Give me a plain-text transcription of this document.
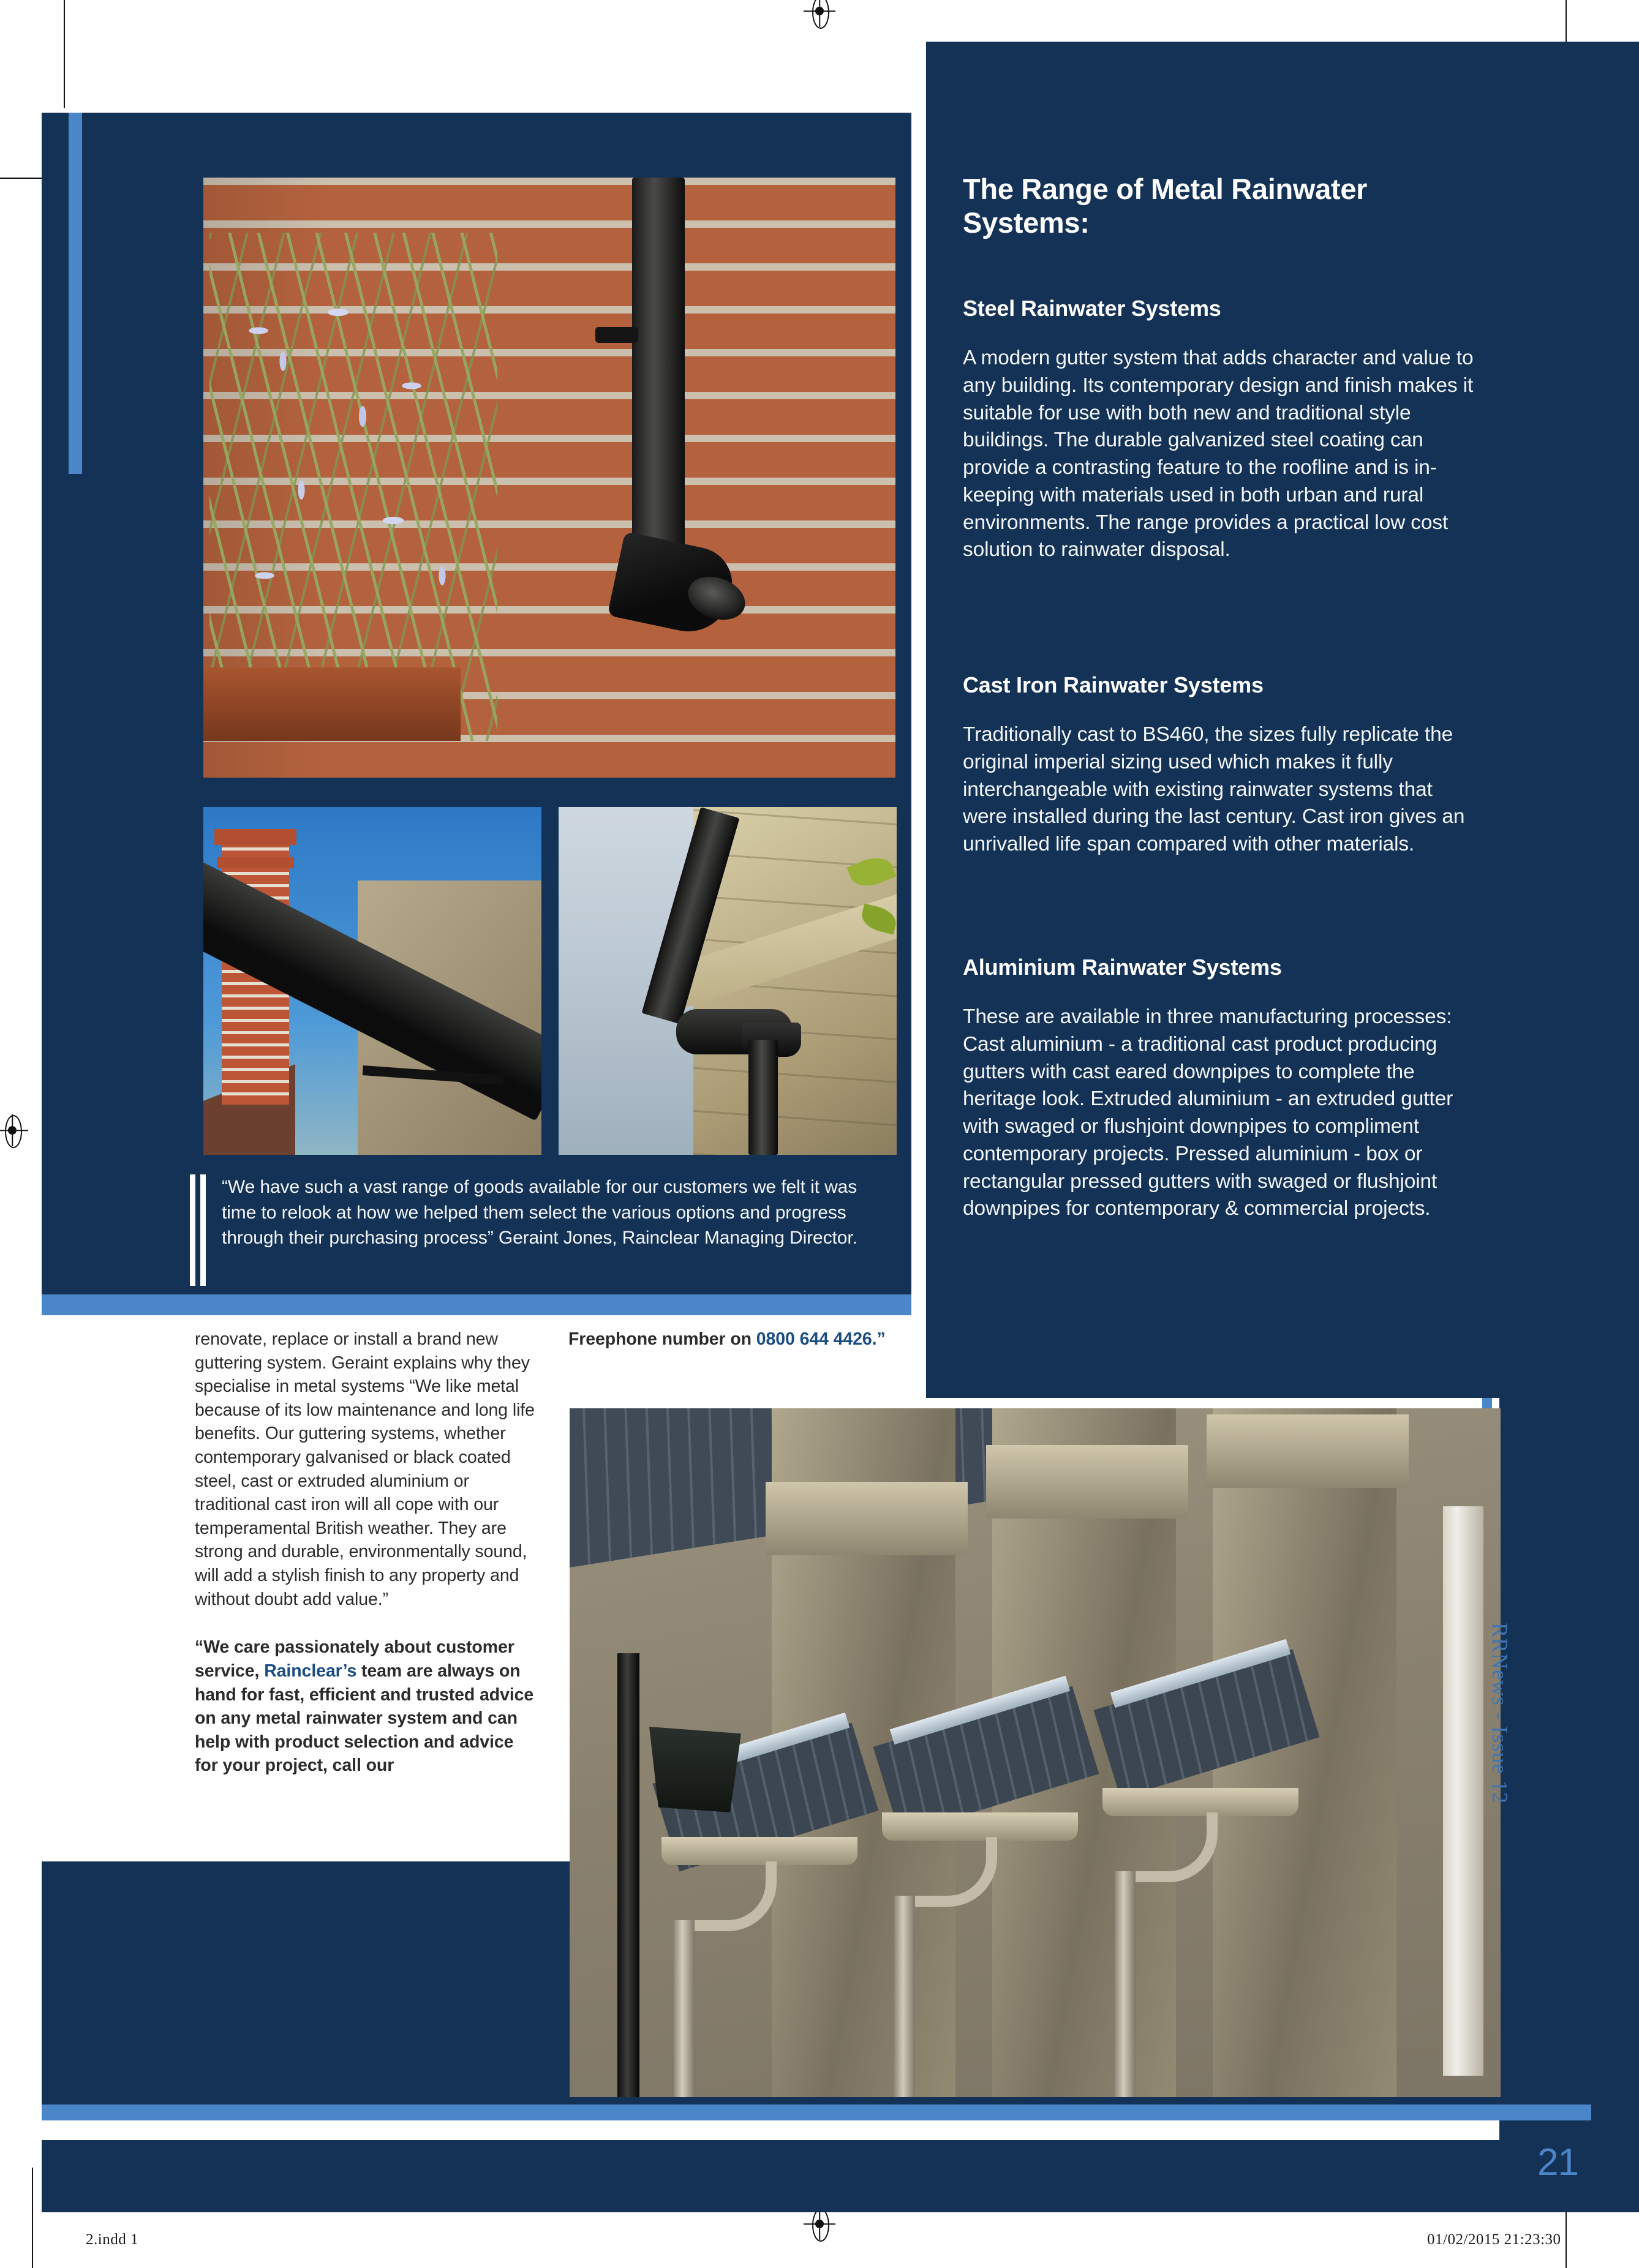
“We have such a vast range of goods available for our customers we felt it was time to relook at how we helped them select the various options and progress through their purchasing process” Geraint Jones, Rainclear Managing Director.
The Range of Metal Rainwater Systems:
Steel Rainwater Systems

A modern gutter system that adds character and value to any building. Its contemporary design and finish makes it suitable for use with both new and traditional style buildings. The durable galvanized steel coating can provide a contrasting feature to the roofline and is in-keeping with materials used in both urban and rural environments. The range provides a practical low cost solution to rainwater disposal.

Cast Iron Rainwater Systems

Traditionally cast to BS460, the sizes fully replicate the original imperial sizing used which makes it fully interchangeable with existing rainwater systems that were installed during the last century. Cast iron gives an unrivalled life span compared with other materials.

Aluminium Rainwater Systems

These are available in three manufacturing processes: Cast aluminium - a traditional cast product producing gutters with cast eared downpipes to complete the heritage look. Extruded aluminium - an extruded gutter with swaged or flushjoint downpipes to compliment contemporary projects. Pressed aluminium - box or rectangular pressed gutters with swaged or flushjoint downpipes for contemporary & commercial projects.

renovate, replace or install a brand new guttering system. Geraint explains why they specialise in metal systems “We like metal because of its low maintenance and long life benefits. Our guttering systems, whether contemporary galvanised or black coated steel, cast or extruded aluminium or traditional cast iron will all cope with our temperamental British weather. They are strong and durable, environmentally sound, will add a stylish finish to any property and without doubt add value.”
“We care passionately about customer service, Rainclear’s team are always on hand for fast, efficient and trusted advice on any metal rainwater system and can help with product selection and advice for your project, call our
Freephone number on 0800 644 4426.”
RRNews - Issue 12
21
2.indd 1	01/02/2015 21:23:30
